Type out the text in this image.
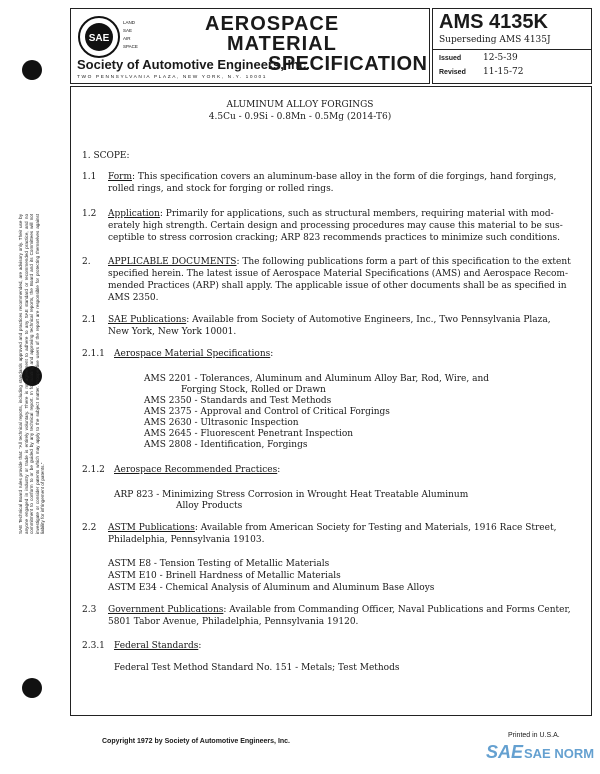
SAE Technical Board rules provide that: "All technical reports, including standards approved and practices recommended, are advisory only. Their use by anyone engaged in industry or trade is entirely voluntary. There is no agreement to adhere to any SAE standard or recommended practice, and no commitment to conform to or be guided by any technical report. In formulating and approving technical reports, the Board and its Committees will not investigate or consider patents which may apply to the subject matter. Prospective users of the report are responsible for protecting themselves against liability for infringement of patents."
SAE
LAND
SAE
AIR
SPACE
AEROSPACE
MATERIAL
Society of Automotive Engineers, Inc.
SPECIFICATION
TWO PENNSYLVANIA PLAZA, NEW YORK, N.Y. 10001
AMS 4135K
Superseding AMS 4135J
Issued 12-5-39
Revised 11-15-72
ALUMINUM ALLOY FORGINGS
4.5Cu - 0.9Si - 0.8Mn - 0.5Mg (2014-T6)
1. SCOPE:
1.1 Form: This specification covers an aluminum-base alloy in the form of die forgings, hand forgings,
rolled rings, and stock for forging or rolled rings.
1.2 Application: Primarily for applications, such as structural members, requiring material with mod-
erately high strength. Certain design and processing procedures may cause this material to be sus-
ceptible to stress corrosion cracking; ARP 823 recommends practices to minimize such conditions.
2. APPLICABLE DOCUMENTS: The following publications form a part of this specification to the extent
specified herein. The latest issue of Aerospace Material Specifications (AMS) and Aerospace Recom-
mended Practices (ARP) shall apply. The applicable issue of other documents shall be as specified in
AMS 2350.
2.1 SAE Publications: Available from Society of Automotive Engineers, Inc., Two Pennsylvania Plaza,
New York, New York 10001.
2.1.1 Aerospace Material Specifications:
AMS 2201 - Tolerances, Aluminum and Aluminum Alloy Bar, Rod, Wire, and
Forging Stock, Rolled or Drawn
AMS 2350 - Standards and Test Methods
AMS 2375 - Approval and Control of Critical Forgings
AMS 2630 - Ultrasonic Inspection
AMS 2645 - Fluorescent Penetrant Inspection
AMS 2808 - Identification, Forgings
2.1.2 Aerospace Recommended Practices:
ARP 823 - Minimizing Stress Corrosion in Wrought Heat Treatable Aluminum
Alloy Products
2.2 ASTM Publications: Available from American Society for Testing and Materials, 1916 Race Street,
Philadelphia, Pennsylvania 19103.
ASTM E8 - Tension Testing of Metallic Materials
ASTM E10 - Brinell Hardness of Metallic Materials
ASTM E34 - Chemical Analysis of Aluminum and Aluminum Base Alloys
2.3 Government Publications: Available from Commanding Officer, Naval Publications and Forms Center,
5801 Tabor Avenue, Philadelphia, Pennsylvania 19120.
2.3.1 Federal Standards:
Federal Test Method Standard No. 151 - Metals; Test Methods
Copyright 1972 by Society of Automotive Engineers, Inc.
Printed in U.S.A.
SAE SAE NORM
